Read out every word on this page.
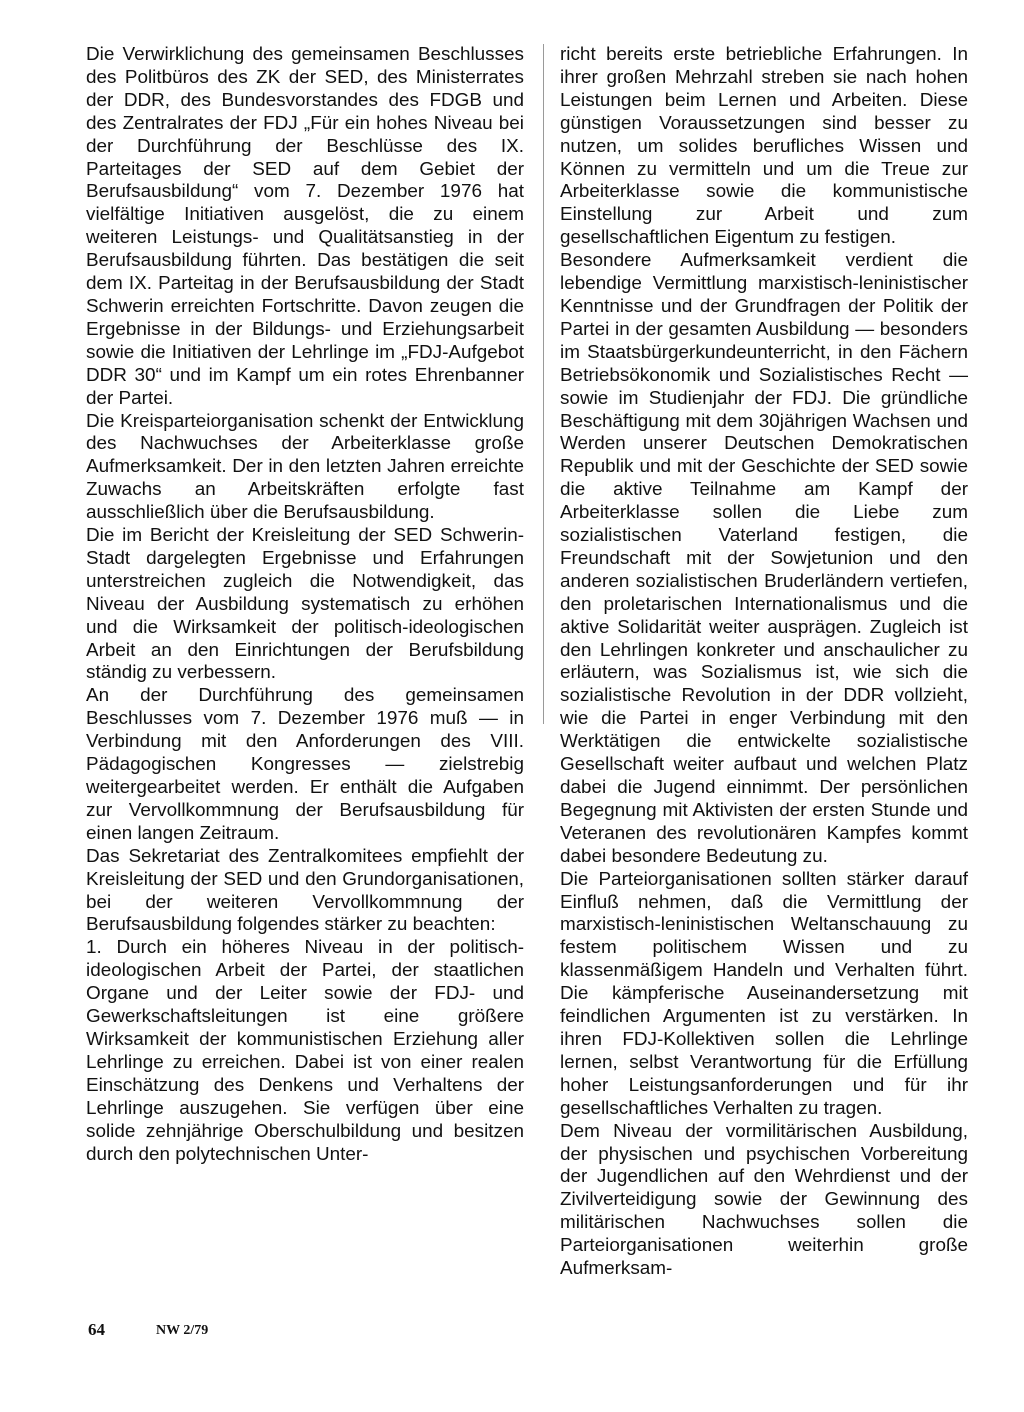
Die Verwirklichung des gemeinsamen Beschlusses des Politbüros des ZK der SED, des Ministerrates der DDR, des Bundesvorstandes des FDGB und des Zentralrates der FDJ „Für ein hohes Niveau bei der Durchführung der Beschlüsse des IX. Parteitages der SED auf dem Gebiet der Berufsausbildung“ vom 7. Dezember 1976 hat vielfältige Initiativen ausgelöst, die zu einem weiteren Leistungs- und Qualitätsanstieg in der Berufsausbildung führten. Das bestätigen die seit dem IX. Parteitag in der Berufsausbildung der Stadt Schwerin erreichten Fortschritte. Davon zeugen die Ergebnisse in der Bildungs- und Erziehungsarbeit sowie die Initiativen der Lehrlinge im „FDJ-Aufgebot DDR 30“ und im Kampf um ein rotes Ehrenbanner der Partei.

Die Kreisparteiorganisation schenkt der Entwicklung des Nachwuchses der Arbeiterklasse große Aufmerksamkeit. Der in den letzten Jahren erreichte Zuwachs an Arbeitskräften erfolgte fast ausschließlich über die Berufsausbildung.

Die im Bericht der Kreisleitung der SED Schwerin-Stadt dargelegten Ergebnisse und Erfahrungen unterstreichen zugleich die Notwendigkeit, das Niveau der Ausbildung systematisch zu erhöhen und die Wirksamkeit der politisch-ideologischen Arbeit an den Einrichtungen der Berufsbildung ständig zu verbessern.

An der Durchführung des gemeinsamen Beschlusses vom 7. Dezember 1976 muß — in Verbindung mit den Anforderungen des VIII. Pädagogischen Kongresses — zielstrebig weitergearbeitet werden. Er enthält die Aufgaben zur Vervollkommnung der Berufsausbildung für einen langen Zeitraum.

Das Sekretariat des Zentralkomitees empfiehlt der Kreisleitung der SED und den Grundorganisationen, bei der weiteren Vervollkommnung der Berufsausbildung folgendes stärker zu beachten:

1. Durch ein höheres Niveau in der politisch-ideologischen Arbeit der Partei, der staatlichen Organe und der Leiter sowie der FDJ- und Gewerkschaftsleitungen ist eine größere Wirksamkeit der kommunistischen Erziehung aller Lehrlinge zu erreichen. Dabei ist von einer realen Einschätzung des Denkens und Verhaltens der Lehrlinge auszugehen. Sie verfügen über eine solide zehnjährige Oberschulbildung und besitzen durch den polytechnischen Unter-

richt bereits erste betriebliche Erfahrungen. In ihrer großen Mehrzahl streben sie nach hohen Leistungen beim Lernen und Arbeiten. Diese günstigen Voraussetzungen sind besser zu nutzen, um solides berufliches Wissen und Können zu vermitteln und um die Treue zur Arbeiterklasse sowie die kommunistische Einstellung zur Arbeit und zum gesellschaftlichen Eigentum zu festigen.

Besondere Aufmerksamkeit verdient die lebendige Vermittlung marxistisch-leninistischer Kenntnisse und der Grundfragen der Politik der Partei in der gesamten Ausbildung — besonders im Staatsbürgerkundeunterricht, in den Fächern Betriebsökonomik und Sozialistisches Recht — sowie im Studienjahr der FDJ. Die gründliche Beschäftigung mit dem 30jährigen Wachsen und Werden unserer Deutschen Demokratischen Republik und mit der Geschichte der SED sowie die aktive Teilnahme am Kampf der Arbeiterklasse sollen die Liebe zum sozialistischen Vaterland festigen, die Freundschaft mit der Sowjetunion und den anderen sozialistischen Bruderländern vertiefen, den proletarischen Internationalismus und die aktive Solidarität weiter ausprägen. Zugleich ist den Lehrlingen konkreter und anschaulicher zu erläutern, was Sozialismus ist, wie sich die sozialistische Revolution in der DDR vollzieht, wie die Partei in enger Verbindung mit den Werktätigen die entwickelte sozialistische Gesellschaft weiter aufbaut und welchen Platz dabei die Jugend einnimmt. Der persönlichen Begegnung mit Aktivisten der ersten Stunde und Veteranen des revolutionären Kampfes kommt dabei besondere Bedeutung zu.

Die Parteiorganisationen sollten stärker darauf Einfluß nehmen, daß die Vermittlung der marxistisch-leninistischen Weltanschauung zu festem politischem Wissen und zu klassenmäßigem Handeln und Verhalten führt. Die kämpferische Auseinandersetzung mit feindlichen Argumenten ist zu verstärken. In ihren FDJ-Kollektiven sollen die Lehrlinge lernen, selbst Verantwortung für die Erfüllung hoher Leistungsanforderungen und für ihr gesellschaftliches Verhalten zu tragen.

Dem Niveau der vormilitärischen Ausbildung, der physischen und psychischen Vorbereitung der Jugendlichen auf den Wehrdienst und der Zivilverteidigung sowie der Gewinnung des militärischen Nachwuchses sollen die Parteiorganisationen weiterhin große Aufmerksam-

64	NW 2/79
